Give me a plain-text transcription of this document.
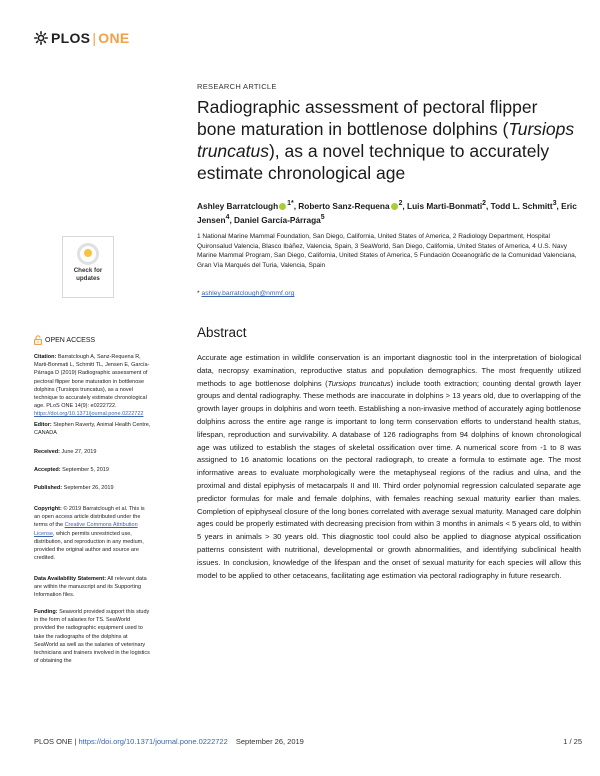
PLOS | ONE
RESEARCH ARTICLE
Radiographic assessment of pectoral flipper bone maturation in bottlenose dolphins (Tursiops truncatus), as a novel technique to accurately estimate chronological age
Ashley Barratclough $^{1*}$, Roberto Sanz-Requena $^2$, Luis Marti-Bonmati$^2$, Todd L. Schmitt$^3$, Eric Jensen$^4$, Daniel García-Párraga$^5$
1 National Marine Mammal Foundation, San Diego, California, United States of America, 2 Radiology Department, Hospital Quironsalud Valencia, Blasco Ibáñez, Valencia, Spain, 3 SeaWorld, San Diego, California, United States of America, 4 U.S. Navy Marine Mammal Program, San Diego, California, United States of America, 5 Fundación Oceanogràfic de la Comunidad Valenciana, Gran Vía Marqués del Turia, Valencia, Spain
* ashley.barratclough@nmmf.org
Check for
updates
OPEN ACCESS
Citation: Barratclough A, Sanz-Requena R, Marti-Bonmati L, Schmitt TL, Jensen E, García-Párraga D (2019) Radiographic assessment of pectoral flipper bone maturation in bottlenose dolphins (Tursiops truncatus), as a novel technique to accurately estimate chronological age. PLoS ONE 14(9): e0222722. https://doi.org/10.1371/journal.pone.0222722
Editor: Stephen Raverty, Animal Health Centre, CANADA
Received: June 27, 2019
Accepted: September 5, 2019
Published: September 26, 2019
Copyright: © 2019 Barratclough et al. This is an open access article distributed under the terms of the Creative Commons Attribution License, which permits unrestricted use, distribution, and reproduction in any medium, provided the original author and source are credited.
Data Availability Statement: All relevant data are within the manuscript and its Supporting Information files.
Funding: Seaworld provided support this study in the form of salaries for TS. SeaWorld provided the radiographic equipment used to take the radiographs of the dolphins at SeaWorld as well as the salaries of veterinary technicians and trainers involved in the logistics of obtaining the
Abstract
Accurate age estimation in wildlife conservation is an important diagnostic tool in the interpretation of biological data, necropsy examination, reproductive status and population demographics. The most frequently utilized methods to age bottlenose dolphins (Tursiops truncatus) include tooth extraction; counting dental growth layer groups and dental radiography. These methods are inaccurate in dolphins > 13 years old, due to overlapping of the growth layer groups in dolphins and worn teeth. Establishing a non-invasive method of accurately aging bottlenose dolphins across the entire age range is important to long term conservation efforts to understand health status, lifespan, reproduction and survivability. A database of 126 radiographs from 94 dolphins of known chronological age was utilized to establish the stages of skeletal ossification over time. A numerical score from -1 to 8 was assigned to 16 anatomic locations on the pectoral radiograph, to create a formula to estimate age. The most informative areas to evaluate morphologically were the metaphyseal regions of the radius and ulna, and the proximal and distal epiphysis of metacarpals II and III. Third order polynomial regression calculated separate age predictor formulas for male and female dolphins, with females reaching sexual maturity earlier than males. Completion of epiphyseal closure of the long bones correlated with average sexual maturity. Managed care dolphin ages could be properly estimated with decreasing precision from within 3 months in animals < 5 years old, to within 5 years in animals > 30 years old. This diagnostic tool could also be applied to diagnose atypical ossification patterns consistent with nutritional, developmental or growth abnormalities, and identifying subclinical health issues. In conclusion, knowledge of the lifespan and the onset of sexual maturity for each species will allow this model to be applied to other cetaceans, facilitating age estimation via pectoral radiography in future research.
PLOS ONE | https://doi.org/10.1371/journal.pone.0222722 September 26, 2019	1 / 25
